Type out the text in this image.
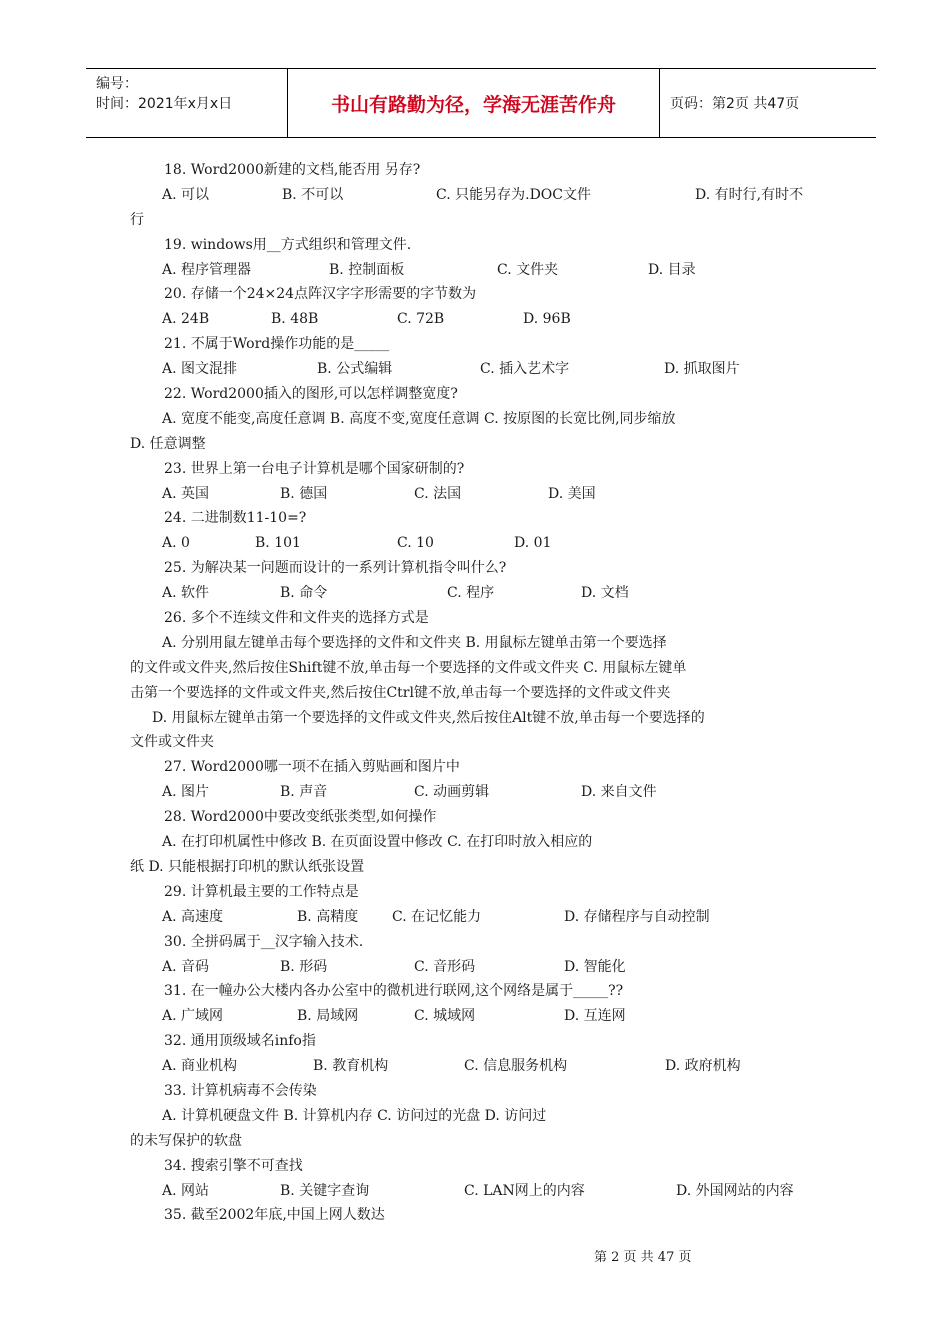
编号：
时间：2021年x月x日	书山有路勤为径，学海无涯苦作舟	页码：第2页 共47页
18. Word2000新建的文档,能否用 另存?
A. 可以	B. 不可以	C. 只能另存为.DOC文件	D. 有时行,有时不
行
19. windows用__方式组织和管理文件.
A. 程序管理器	B. 控制面板	C. 文件夹	D. 目录
20. 存储一个24×24点阵汉字字形需要的字节数为
A. 24B	B. 48B	C. 72B	D. 96B
21. 不属于Word操作功能的是_____
A. 图文混排	B. 公式编辑	C. 插入艺术字	D. 抓取图片
22. Word2000插入的图形,可以怎样调整宽度?
A. 宽度不能变,高度任意调 B. 高度不变,宽度任意调 C. 按原图的长宽比例,同步缩放
D. 任意调整
23. 世界上第一台电子计算机是哪个国家研制的?
A. 英国	B. 德国	C. 法国	D. 美国
24. 二进制数11-10=?
A. 0	B. 101	C. 10	D. 01
25. 为解决某一问题而设计的一系列计算机指令叫什么?
A. 软件	B. 命令	C. 程序	D. 文档
26. 多个不连续文件和文件夹的选择方式是
A. 分别用鼠左键单击每个要选择的文件和文件夹 B. 用鼠标左键单击第一个要选择
的文件或文件夹,然后按住Shift键不放,单击每一个要选择的文件或文件夹 C. 用鼠标左键单
击第一个要选择的文件或文件夹,然后按住Ctrl键不放,单击每一个要选择的文件或文件夹
D. 用鼠标左键单击第一个要选择的文件或文件夹,然后按住Alt键不放,单击每一个要选择的
文件或文件夹
27. Word2000哪一项不在插入剪贴画和图片中
A. 图片	B. 声音	C. 动画剪辑	D. 来自文件
28. Word2000中要改变纸张类型,如何操作
A. 在打印机属性中修改 B. 在页面设置中修改 C. 在打印时放入相应的
纸 D. 只能根据打印机的默认纸张设置
29. 计算机最主要的工作特点是
A. 高速度	B. 高精度 C. 在记忆能力	D. 存储程序与自动控制
30. 全拼码属于__汉字输入技术.
A. 音码	B. 形码	C. 音形码	D. 智能化
31. 在一幢办公大楼内各办公室中的微机进行联网,这个网络是属于_____??
A. 广域网	B. 局域网	C. 城域网	D. 互连网
32. 通用顶级域名info指
A. 商业机构	B. 教育机构	C. 信息服务机构	D. 政府机构
33. 计算机病毒不会传染
A. 计算机硬盘文件 B. 计算机内存 C. 访问过的光盘 D. 访问过
的未写保护的软盘
34. 搜索引擎不可查找
A. 网站	B. 关键字查询	C. LAN网上的内容	D. 外国网站的内容
35. 截至2002年底,中国上网人数达
第 2 页 共 47 页
